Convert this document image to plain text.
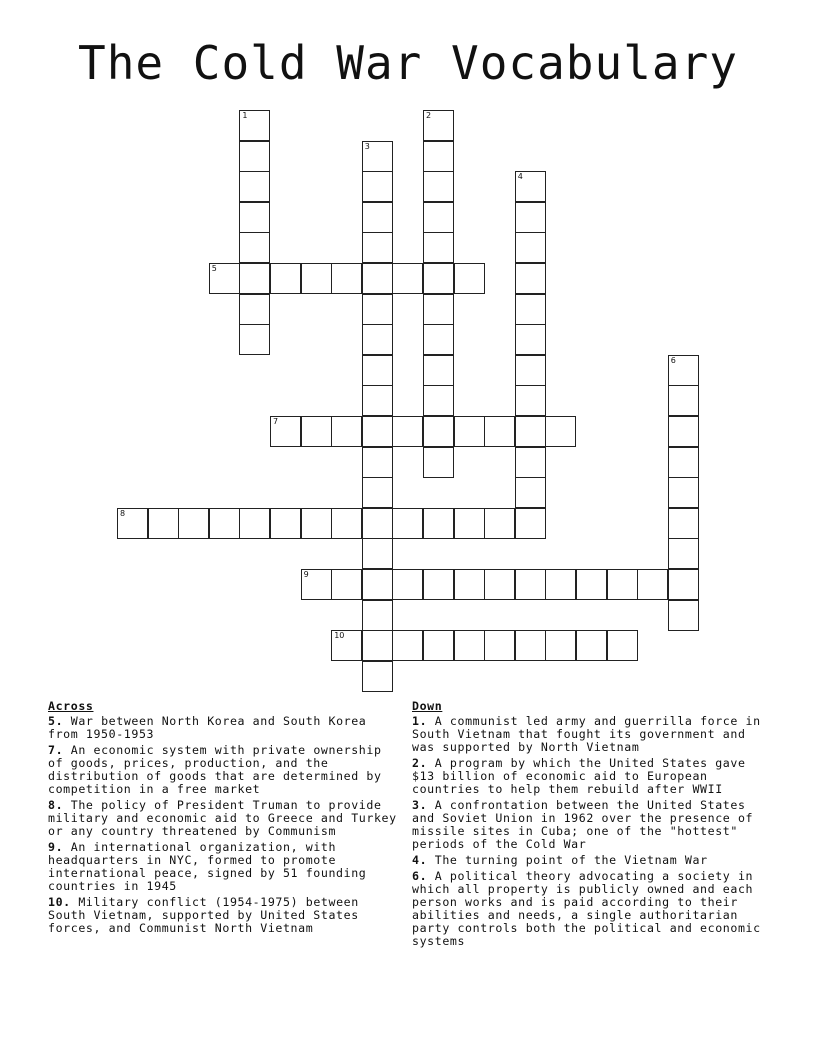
The Cold War Vocabulary
1	2
3
4
5
6
7
8
9
10
Across
5. War between North Korea and South Korea from 1950-1953
7. An economic system with private ownership of goods, prices, production, and the distribution of goods that are determined by competition in a free market
8. The policy of President Truman to provide military and economic aid to Greece and Turkey or any country threatened by Communism
9. An international organization, with headquarters in NYC, formed to promote international peace, signed by 51 founding countries in 1945
10. Military conflict (1954-1975) between South Vietnam, supported by United States forces, and Communist North Vietnam
Down
1. A communist led army and guerrilla force in South Vietnam that fought its government and was supported by North Vietnam
2. A program by which the United States gave $13 billion of economic aid to European countries to help them rebuild after WWII
3. A confrontation between the United States and Soviet Union in 1962 over the presence of missile sites in Cuba; one of the "hottest" periods of the Cold War
4. The turning point of the Vietnam War
6. A political theory advocating a society in which all property is publicly owned and each person works and is paid according to their abilities and needs, a single authoritarian party controls both the political and economic systems
